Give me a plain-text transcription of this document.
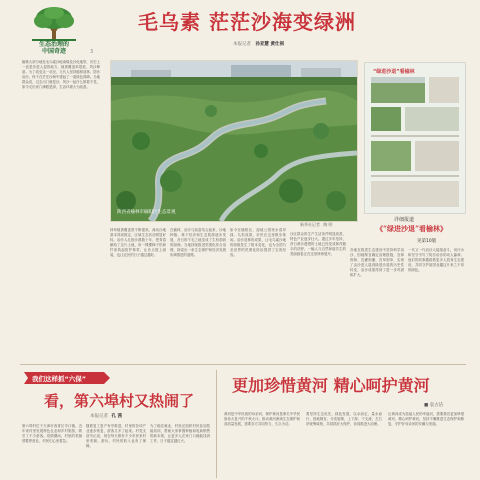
生态治理的
中国奇迹	3
毛乌素 茫茫沙海变绿洲
本报记者 孙亚慧 黄仕祺
榆林大部分地处毛乌素沙地南缘及沙化地带，历史上一直是沙进人退的地方，植被覆盖率很低，风沙肆虐。为了改变这一状况，几代人坚持植树造林、防沙治沙，终于在茫茫沙海中建起了一道绿色屏障。当地群众说，过去出门就是沙，风沙一起什么都看不见，如今走出家门满眼是绿，生活环境大为改善。
陕西省榆林市榆阳区生态景观
新华社记者 陶 明
“绿进沙退”看榆林
详细报道
《“绿进沙退”看榆林》
见第10版
林草植被覆盖度不断提高，流动沙地基本得到固定，区域生态状况明显好转。治沙人扎根沙漠数十年，把青春献给了这片土地，用一棵棵樟子松和柠条筑起防护林带，让沙丘披上绿装，也让农民的日子越过越好。
在榆林，治沙与致富结合起来，沙地种植、林下经济和生态旅游逐步发展，昔日的不毛之地变成了生机勃勃的绿洲。当地持续推进荒漠化综合治理，探索出一条生态保护和经济发展协调推进的道路。
如今在榆阳区，湿地公园里水清岸绿，鸟类成群，市民在这里散步休闲。治沙造林的成果，让毛乌素沙地的面貌发生了根本变化，也为全国乃至世界的荒漠化防治提供了宝贵经验。
沙区群众的生产生活条件明显改善，特色产业逐步壮大。通过多年坚持，昔日黄沙漫漫的土地已经变成林茂粮丰的沃野，一幅人与自然和谐共生的美丽画卷正在这里徐徐展开。
各地在推进生态建设中坚持科学治沙，因地制宜确定治理措施，宜林则林、宜灌则灌、宜草则草，实现了由沙进人退到绿进沙退的历史性转变，治沙成果得到了进一步巩固和扩大。
一代又一代治沙人接续奋斗，用汗水和坚守书写了防沙治沙的动人篇章。他们的故事激励着更多人投身生态建设，共同守护祖国北疆这片来之不易的绿色。
我们这样抓“六保”
看，第六埠村又热闹了
本报记者 孔 茜
第六埠村位于天津市西青区辛口镇，近年来村里发展特色农业和乡村旅游，吸引了不少游客。疫情期间，村里的采摘园暂停营业，村民们心里着急。
随着复工复产有序推进，村里的各项产业逐步恢复，游客又多了起来。村党支部书记说，现在每天都有不少市民来村里采摘、游玩，村民的收入也有了保障。
为了稳住就业，村里还组织村民参加技能培训，帮助大家掌握种植和电商销售的新本领，让更多人在家门口就能找到工作，日子越过越红火。
更加珍惜黄河 精心呵护黄河
■ 袁古洁
黄河是中华民族的母亲河，保护黄河是事关中华民族伟大复兴的千秋大计。推动黄河流域生态保护和高质量发展，需要各方共同努力，久久为功。
要坚持生态优先、绿色发展，以水而定、量水而行，因地制宜、分类施策，上下游、干支流、左右岸统筹谋划，共同抓好大保护，协同推进大治理。
让黄河成为造福人民的幸福河，需要我们更加珍惜黄河、精心呵护黄河，坚持不懈推进生态保护和修复，守护好母亲河的安澜与美丽。
